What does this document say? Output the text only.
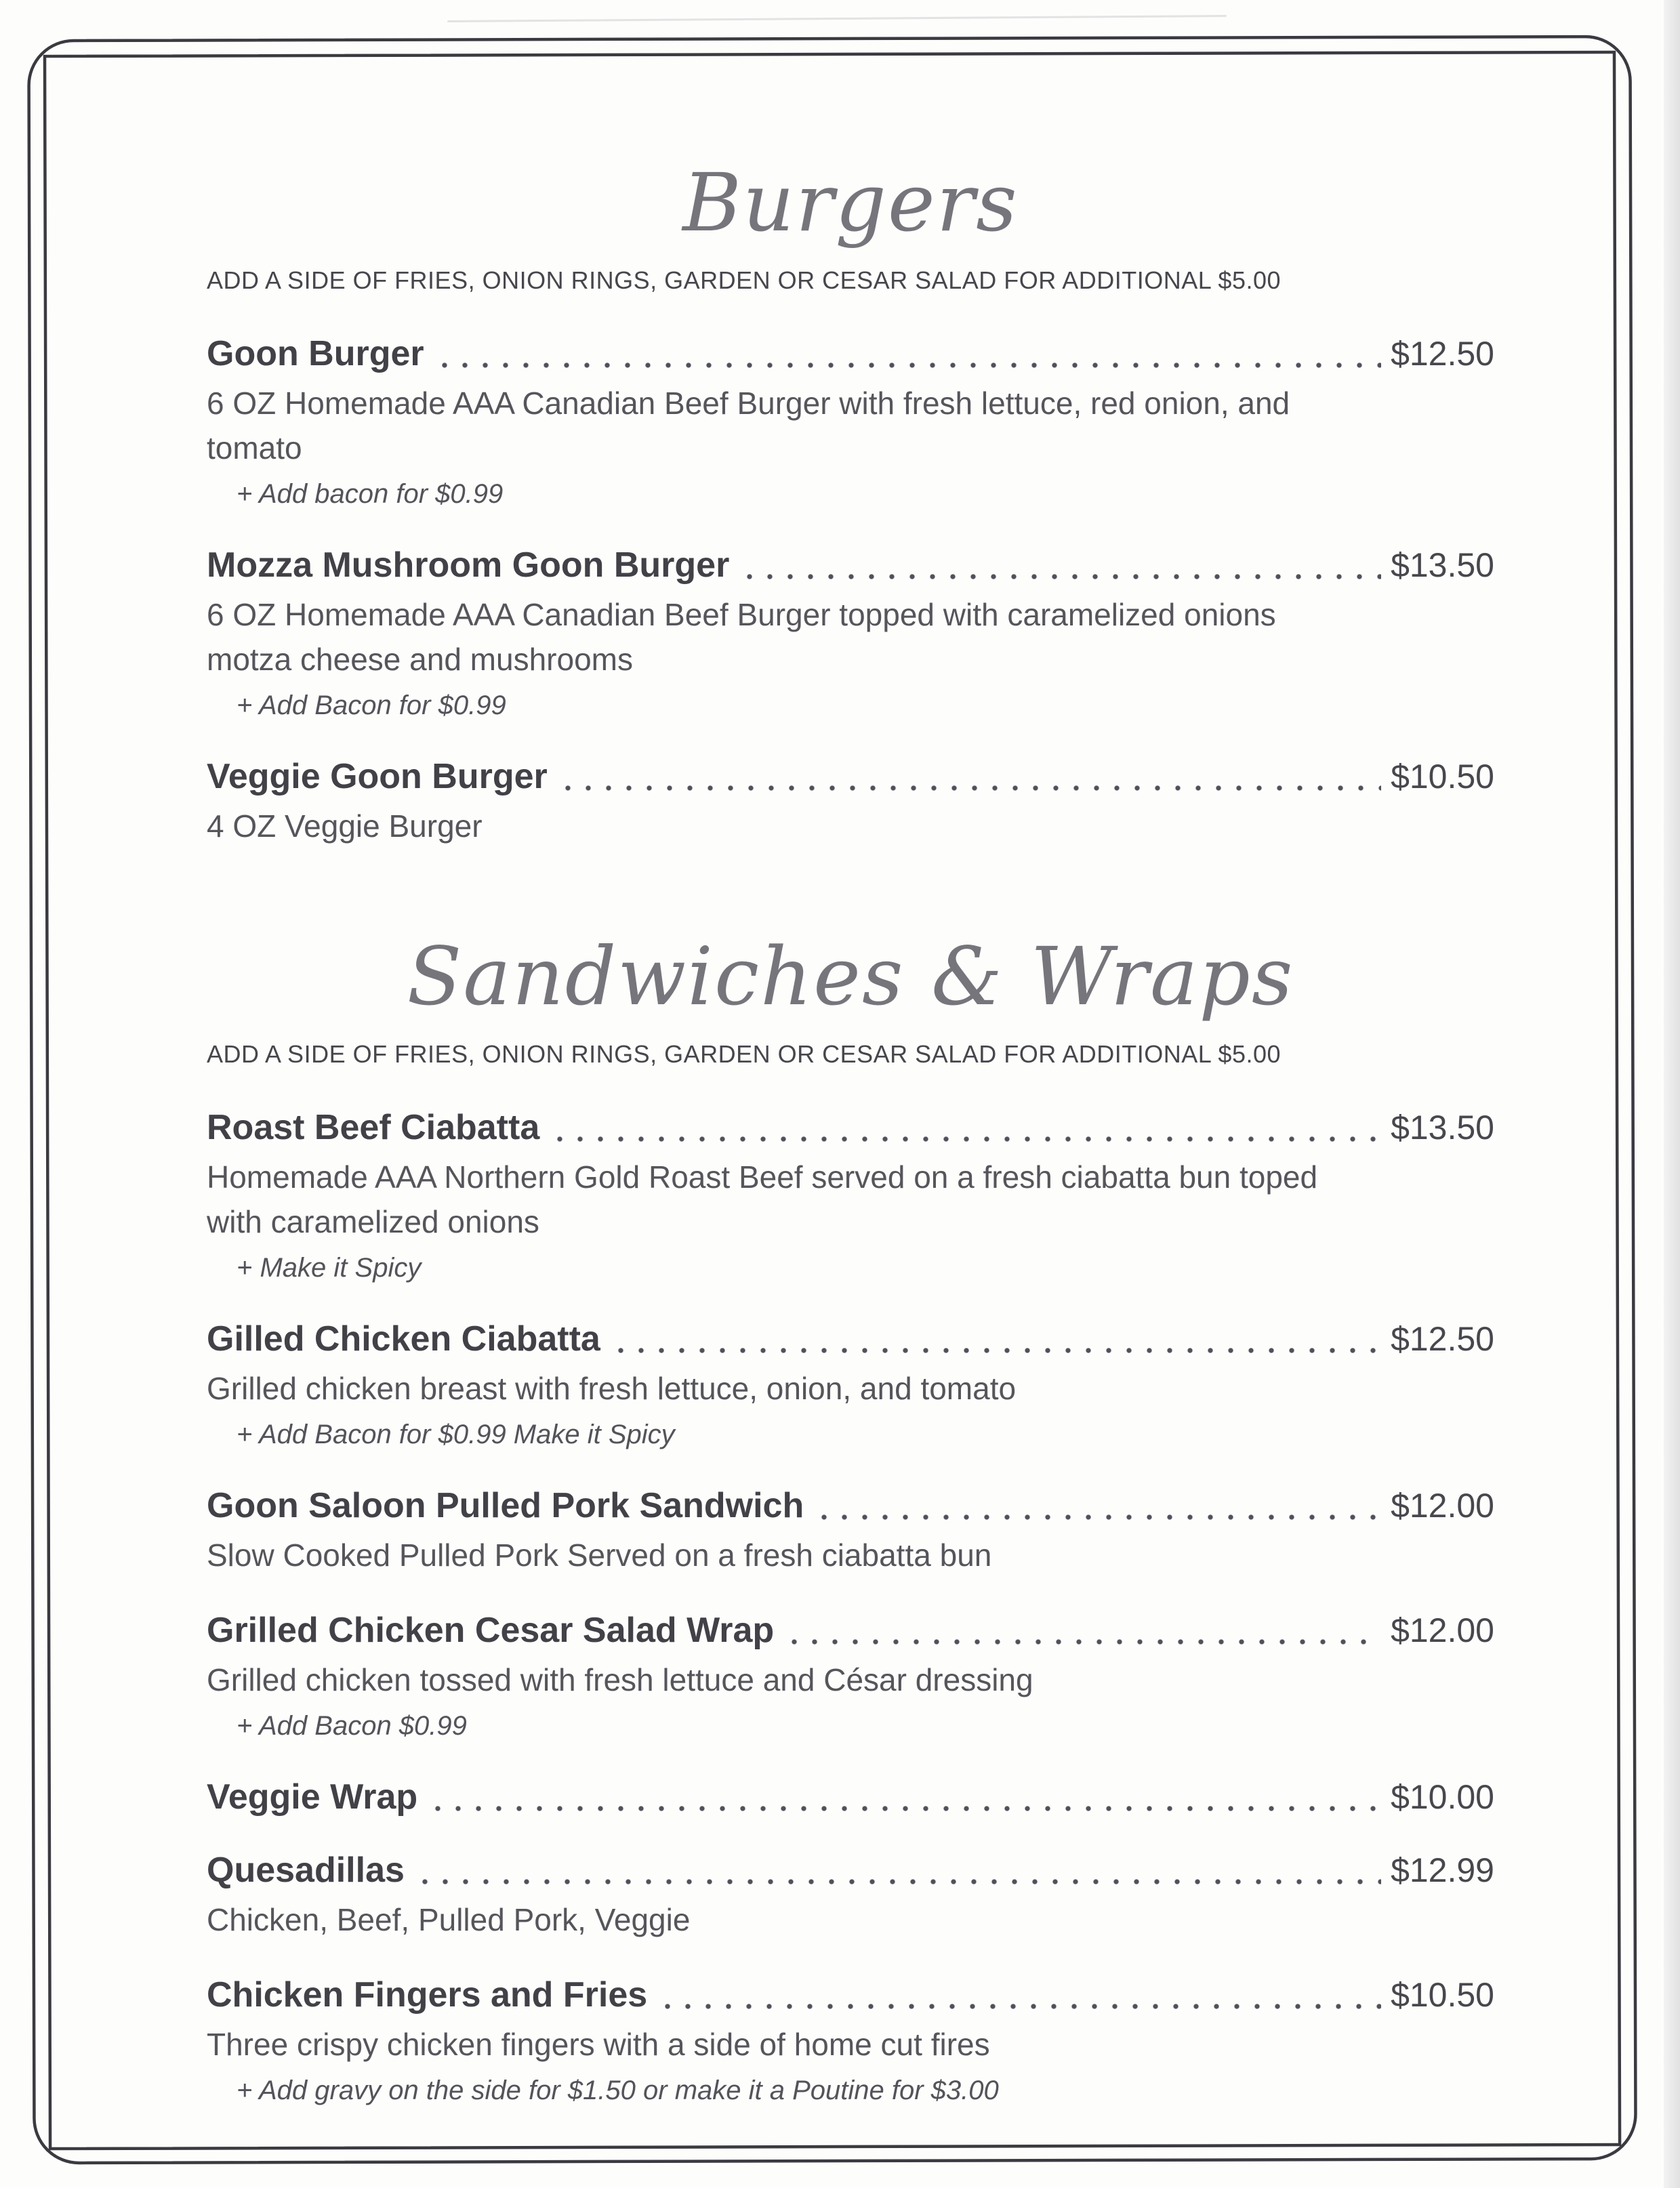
Burgers
ADD A SIDE OF FRIES, ONION RINGS, GARDEN OR CESAR SALAD FOR ADDITIONAL $5.00
Goon Burger	$12.50
6 OZ Homemade AAA Canadian Beef Burger with fresh lettuce, red onion, and tomato
+ Add bacon for $0.99
Mozza Mushroom Goon Burger	$13.50
6 OZ Homemade AAA Canadian Beef Burger topped with caramelized onions motza cheese and mushrooms
+ Add Bacon for $0.99
Veggie Goon Burger	$10.50
4 OZ Veggie Burger
Sandwiches & Wraps
ADD A SIDE OF FRIES, ONION RINGS, GARDEN OR CESAR SALAD FOR ADDITIONAL $5.00
Roast Beef Ciabatta	$13.50
Homemade AAA Northern Gold Roast Beef served on a fresh ciabatta bun toped with caramelized onions
+ Make it Spicy
Gilled Chicken Ciabatta	$12.50
Grilled chicken breast with fresh lettuce, onion, and tomato
+ Add Bacon for $0.99 Make it Spicy
Goon Saloon Pulled Pork Sandwich	$12.00
Slow Cooked Pulled Pork Served on a fresh ciabatta bun
Grilled Chicken Cesar Salad Wrap	$12.00
Grilled chicken tossed with fresh lettuce and César dressing
+ Add Bacon $0.99
Veggie Wrap	$10.00
Quesadillas	$12.99
Chicken, Beef, Pulled Pork, Veggie
Chicken Fingers and Fries	$10.50
Three crispy chicken fingers with a side of home cut fires
+ Add gravy on the side for $1.50 or make it a Poutine for $3.00
